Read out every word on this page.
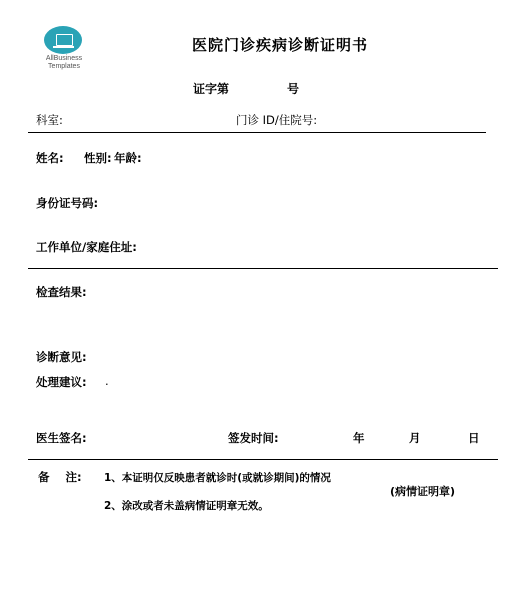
AllBusiness
Templates
医院门诊疾病诊断证明书
证字第	号
科室:	门诊 ID/住院号:
姓名: 性别: 年龄:
身份证号码:
工作单位/家庭住址:
检查结果:
诊断意见:
处理建议: .
医生签名:	签发时间:	年	月	日
备    注: 1、本证明仅反映患者就诊时(或就诊期间)的情况
2、涂改或者未盖病情证明章无效。
(病情证明章)
